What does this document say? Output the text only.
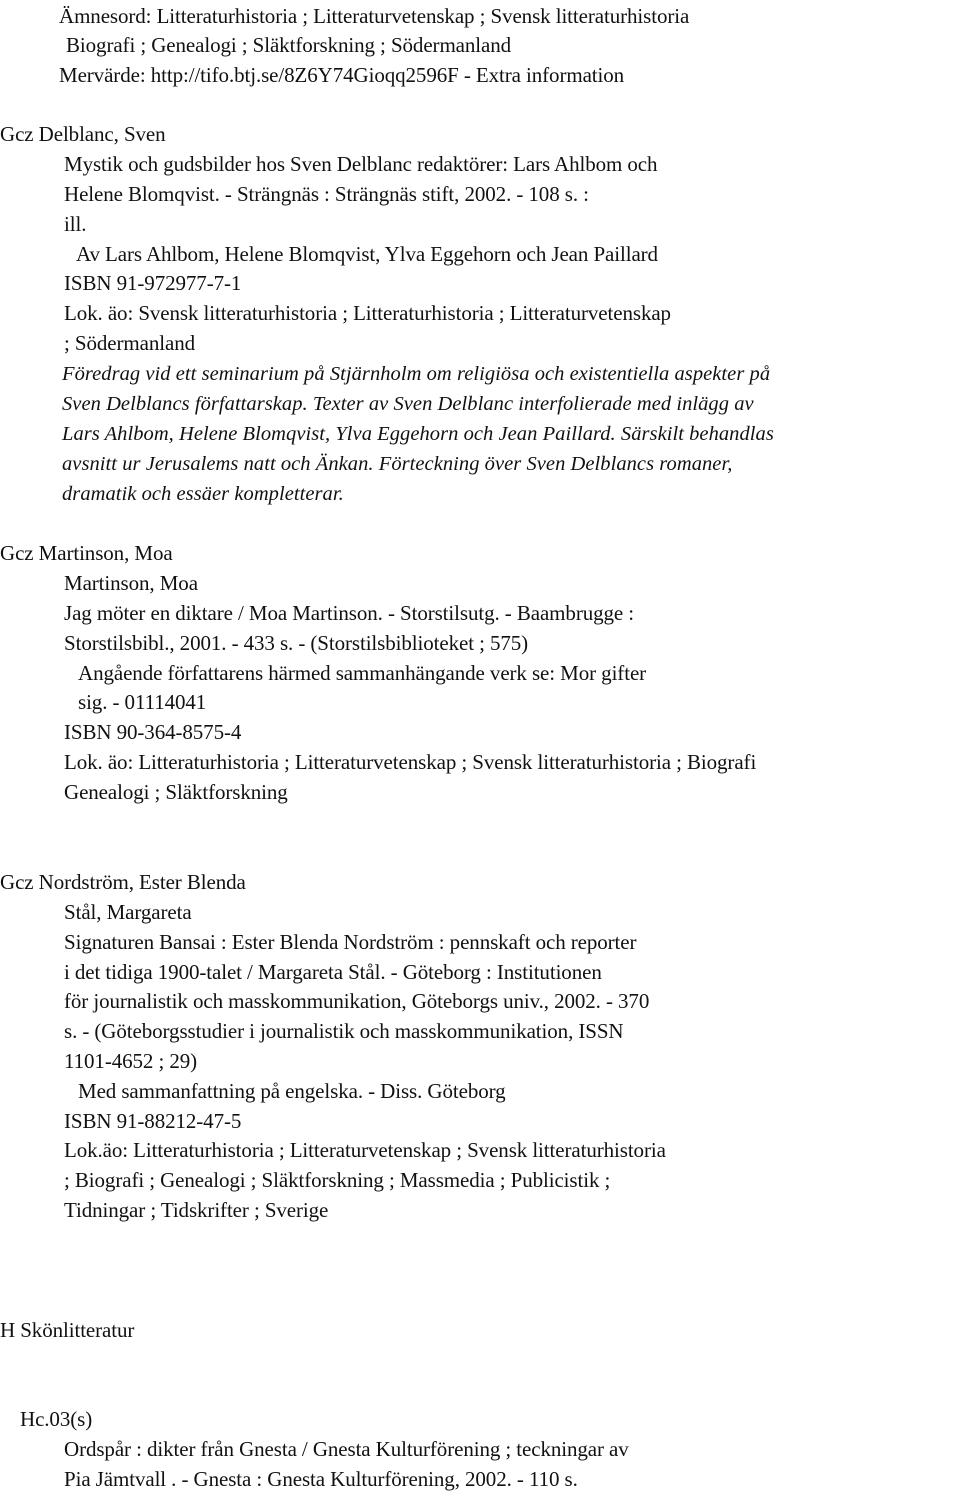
Ämnesord: Litteraturhistoria ; Litteraturvetenskap ; Svensk litteraturhistoria
Biografi ; Genealogi ; Släktforskning ; Södermanland
Mervärde: http://tifo.btj.se/8Z6Y74Gioqq2596F - Extra information
Gcz Delblanc, Sven
Mystik och gudsbilder hos Sven Delblanc redaktörer: Lars Ahlbom och
Helene Blomqvist. - Strängnäs : Strängnäs stift, 2002. - 108 s. :
ill.
Av Lars Ahlbom, Helene Blomqvist, Ylva Eggehorn och Jean Paillard
ISBN 91-972977-7-1
Lok. äo: Svensk litteraturhistoria ; Litteraturhistoria ; Litteraturvetenskap
; Södermanland
Föredrag vid ett seminarium på Stjärnholm om religiösa och existentiella aspekter på
Sven Delblancs författarskap. Texter av Sven Delblanc interfolierade med inlägg av
Lars Ahlbom, Helene Blomqvist, Ylva Eggehorn och Jean Paillard. Särskilt behandlas
avsnitt ur Jerusalems natt och Änkan. Förteckning över Sven Delblancs romaner,
dramatik och essäer kompletterar.
Gcz Martinson, Moa
Martinson, Moa
Jag möter en diktare / Moa Martinson. - Storstilsutg. - Baambrugge :
Storstilsbibl., 2001. - 433 s. - (Storstilsbiblioteket ; 575)
Angående författarens härmed sammanhängande verk se: Mor gifter
sig. - 01114041
ISBN 90-364-8575-4
Lok. äo: Litteraturhistoria ; Litteraturvetenskap ; Svensk litteraturhistoria ; Biografi
Genealogi ; Släktforskning
Gcz Nordström, Ester Blenda
Stål, Margareta
Signaturen Bansai : Ester Blenda Nordström : pennskaft och reporter
i det tidiga 1900-talet / Margareta Stål. - Göteborg : Institutionen
för journalistik och masskommunikation, Göteborgs univ., 2002. - 370
s. - (Göteborgsstudier i journalistik och masskommunikation, ISSN
1101-4652 ; 29)
Med sammanfattning på engelska. - Diss. Göteborg
ISBN 91-88212-47-5
Lok.äo: Litteraturhistoria ; Litteraturvetenskap ; Svensk litteraturhistoria
; Biografi ; Genealogi ; Släktforskning ; Massmedia ; Publicistik ;
Tidningar ; Tidskrifter ; Sverige
H Skönlitteratur
Hc.03(s)
Ordspår : dikter från Gnesta / Gnesta Kulturförening ; teckningar av
Pia Jämtvall . - Gnesta : Gnesta Kulturförening, 2002. - 110 s.
